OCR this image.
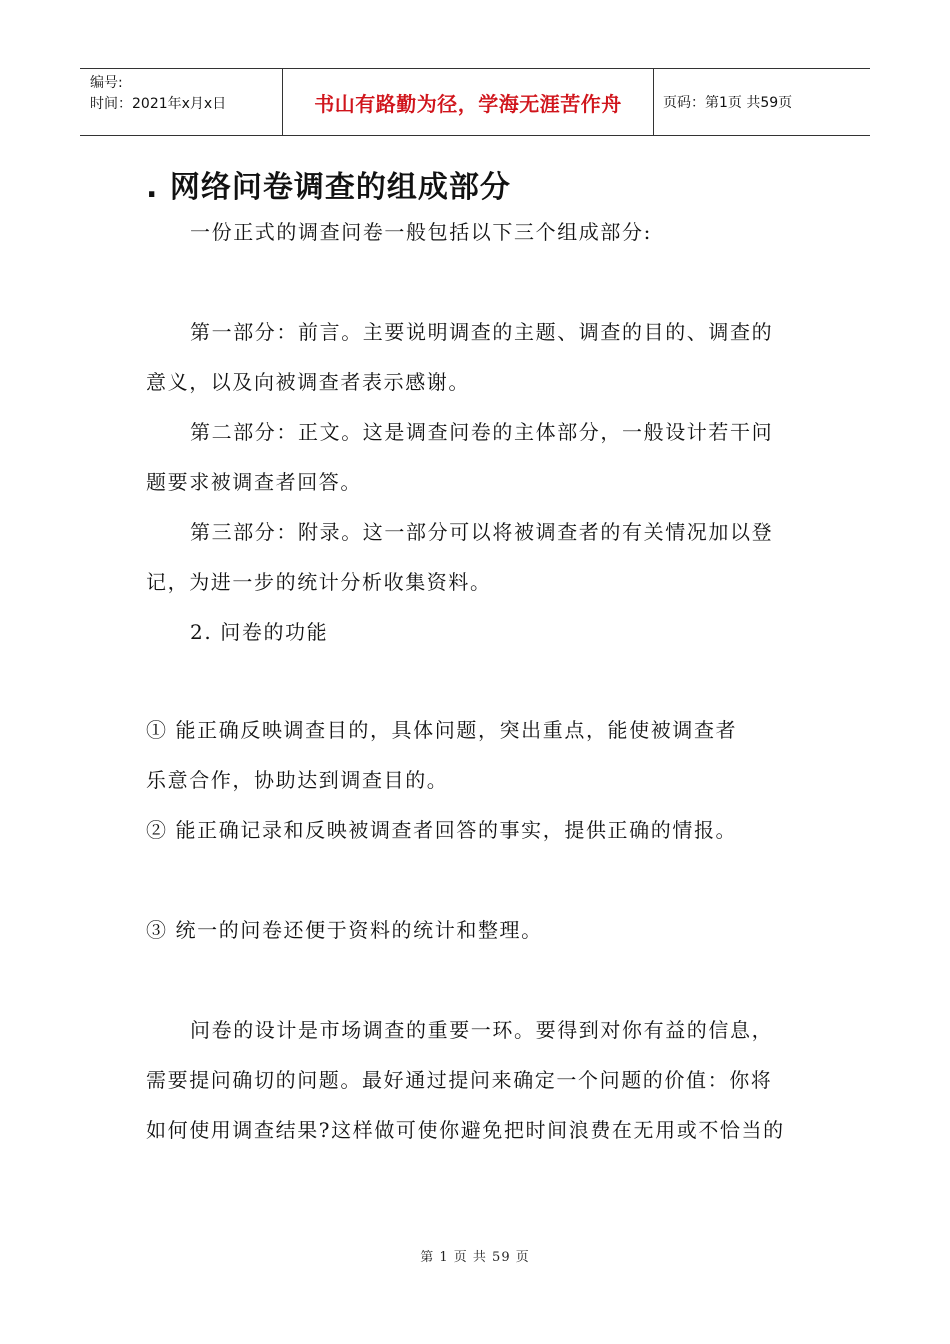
编号:
时间：2021年x月x日	书山有路勤为径，学海无涯苦作舟	页码：第1页 共59页
. 网络问卷调查的组成部分
一份正式的调查问卷一般包括以下三个组成部分:
第一部分：前言。主要说明调查的主题、调查的目的、调查的
意义，以及向被调查者表示感谢。
第二部分：正文。这是调查问卷的主体部分，一般设计若干问
题要求被调查者回答。
第三部分：附录。这一部分可以将被调查者的有关情况加以登
记，为进一步的统计分析收集资料。
2. 问卷的功能
① 能正确反映调查目的，具体问题，突出重点，能使被调查者
乐意合作，协助达到调查目的。
② 能正确记录和反映被调查者回答的事实，提供正确的情报。
③ 统一的问卷还便于资料的统计和整理。
问卷的设计是市场调查的重要一环。要得到对你有益的信息，
需要提问确切的问题。最好通过提问来确定一个问题的价值：你将
如何使用调查结果?这样做可使你避免把时间浪费在无用或不恰当的
第 1 页 共 59 页
